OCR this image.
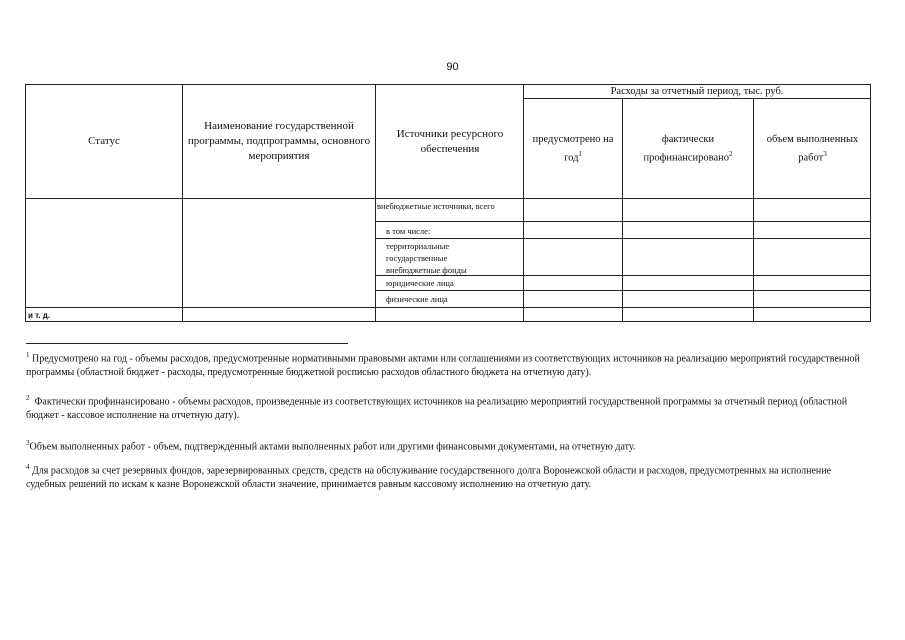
90
Статус
Наименование государственной программы, подпрограммы, основного мероприятия
Источники ресурсного обеспечения
Расходы за отчетный период, тыс. руб.
предусмотрено на год$^1$
фактически профинансировано$^2$
объем выполненных работ$^3$
внебюджетные источники, всего
в том числе:
территориальные государственные внебюджетные фонды
юридические лица
физические лица
и т. д.

$^1$ Предусмотрено на год - объемы расходов, предусмотренные нормативными правовыми актами или соглашениями из соответствующих источников на реализацию мероприятий государственной программы (областной бюджет - расходы, предусмотренные бюджетной росписью расходов областного бюджета на отчетную дату).

$^2$ Фактически профинансировано - объемы расходов, произведенные из соответствующих источников на реализацию мероприятий государственной программы за отчетный период (областной бюджет - кассовое исполнение на отчетную дату).

$^3$Объем выполненных работ - объем, подтвержденный актами выполненных работ или другими финансовыми документами, на отчетную дату.

$^4$ Для расходов за счет резервных фондов, зарезервированных средств, средств на обслуживание государственного долга Воронежской области и расходов, предусмотренных на исполнение судебных решений по искам к казне Воронежской области значение, принимается равным кассовому исполнению на отчетную дату.
